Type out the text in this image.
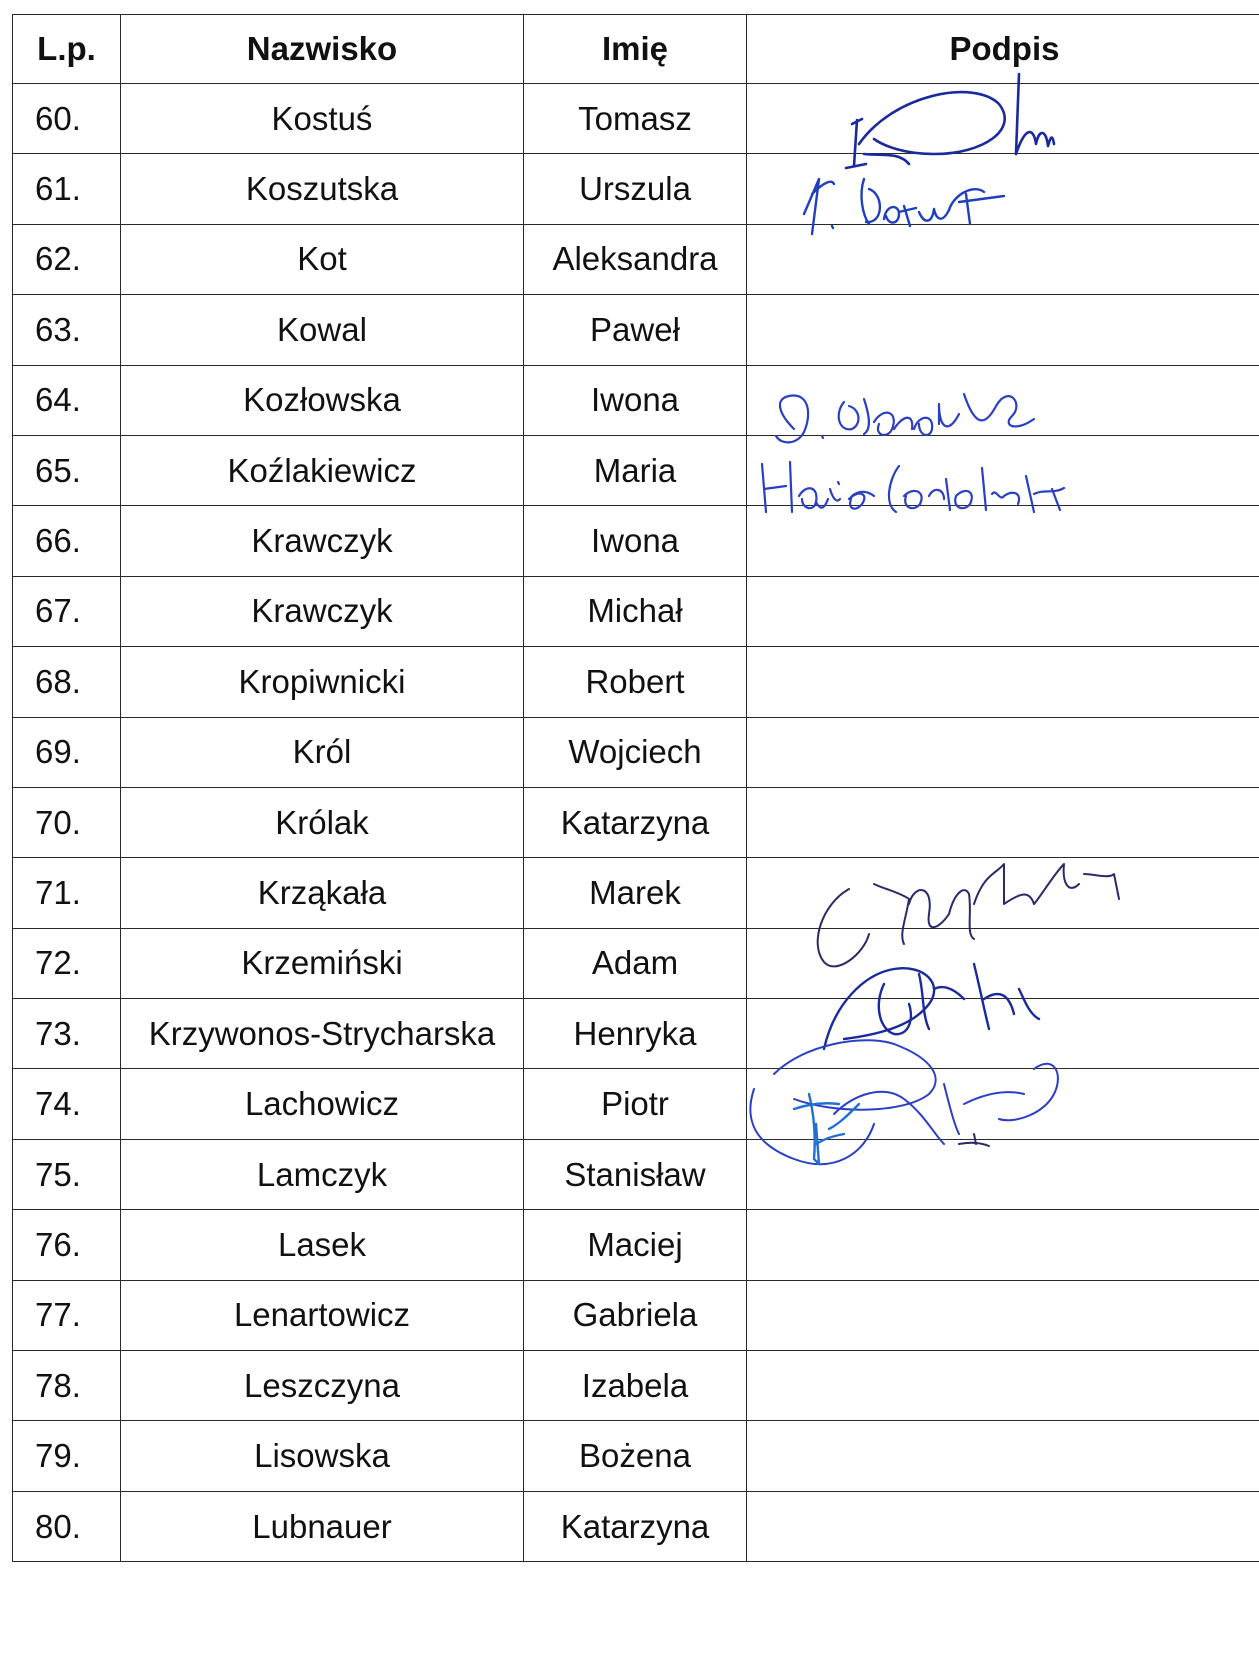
L.p.	Nazwisko	Imię	Podpis
60.	Kostuś	Tomasz	
61.	Koszutska	Urszula	
62.	Kot	Aleksandra	
63.	Kowal	Paweł	
64.	Kozłowska	Iwona	
65.	Koźlakiewicz	Maria	
66.	Krawczyk	Iwona	
67.	Krawczyk	Michał	
68.	Kropiwnicki	Robert	
69.	Król	Wojciech	
70.	Królak	Katarzyna	
71.	Krząkała	Marek	
72.	Krzemiński	Adam	
73.	Krzywonos-Strycharska	Henryka	
74.	Lachowicz	Piotr	
75.	Lamczyk	Stanisław	
76.	Lasek	Maciej	
77.	Lenartowicz	Gabriela	
78.	Leszczyna	Izabela	
79.	Lisowska	Bożena	
80.	Lubnauer	Katarzyna	
